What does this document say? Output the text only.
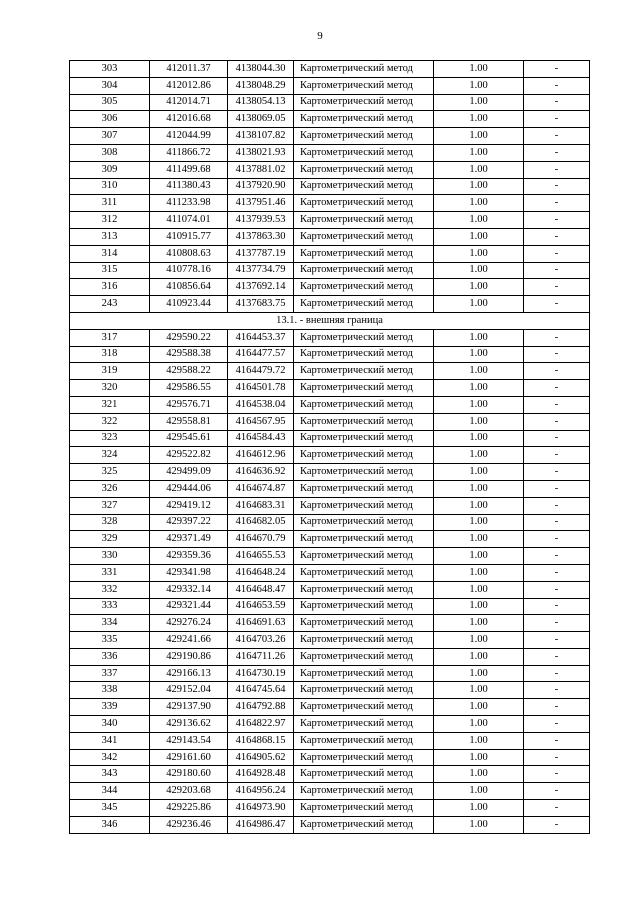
9
303	412011.37	4138044.30	Картометрический метод	1.00	-
304	412012.86	4138048.29	Картометрический метод	1.00	-
305	412014.71	4138054.13	Картометрический метод	1.00	-
306	412016.68	4138069.05	Картометрический метод	1.00	-
307	412044.99	4138107.82	Картометрический метод	1.00	-
308	411866.72	4138021.93	Картометрический метод	1.00	-
309	411499.68	4137881.02	Картометрический метод	1.00	-
310	411380.43	4137920.90	Картометрический метод	1.00	-
311	411233.98	4137951.46	Картометрический метод	1.00	-
312	411074.01	4137939.53	Картометрический метод	1.00	-
313	410915.77	4137863.30	Картометрический метод	1.00	-
314	410808.63	4137787.19	Картометрический метод	1.00	-
315	410778.16	4137734.79	Картометрический метод	1.00	-
316	410856.64	4137692.14	Картометрический метод	1.00	-
243	410923.44	4137683.75	Картометрический метод	1.00	-
13.1. - внешняя граница					
317	429590.22	4164453.37	Картометрический метод	1.00	-
318	429588.38	4164477.57	Картометрический метод	1.00	-
319	429588.22	4164479.72	Картометрический метод	1.00	-
320	429586.55	4164501.78	Картометрический метод	1.00	-
321	429576.71	4164538.04	Картометрический метод	1.00	-
322	429558.81	4164567.95	Картометрический метод	1.00	-
323	429545.61	4164584.43	Картометрический метод	1.00	-
324	429522.82	4164612.96	Картометрический метод	1.00	-
325	429499.09	4164636.92	Картометрический метод	1.00	-
326	429444.06	4164674.87	Картометрический метод	1.00	-
327	429419.12	4164683.31	Картометрический метод	1.00	-
328	429397.22	4164682.05	Картометрический метод	1.00	-
329	429371.49	4164670.79	Картометрический метод	1.00	-
330	429359.36	4164655.53	Картометрический метод	1.00	-
331	429341.98	4164648.24	Картометрический метод	1.00	-
332	429332.14	4164648.47	Картометрический метод	1.00	-
333	429321.44	4164653.59	Картометрический метод	1.00	-
334	429276.24	4164691.63	Картометрический метод	1.00	-
335	429241.66	4164703.26	Картометрический метод	1.00	-
336	429190.86	4164711.26	Картометрический метод	1.00	-
337	429166.13	4164730.19	Картометрический метод	1.00	-
338	429152.04	4164745.64	Картометрический метод	1.00	-
339	429137.90	4164792.88	Картометрический метод	1.00	-
340	429136.62	4164822.97	Картометрический метод	1.00	-
341	429143.54	4164868.15	Картометрический метод	1.00	-
342	429161.60	4164905.62	Картометрический метод	1.00	-
343	429180.60	4164928.48	Картометрический метод	1.00	-
344	429203.68	4164956.24	Картометрический метод	1.00	-
345	429225.86	4164973.90	Картометрический метод	1.00	-
346	429236.46	4164986.47	Картометрический метод	1.00	-
